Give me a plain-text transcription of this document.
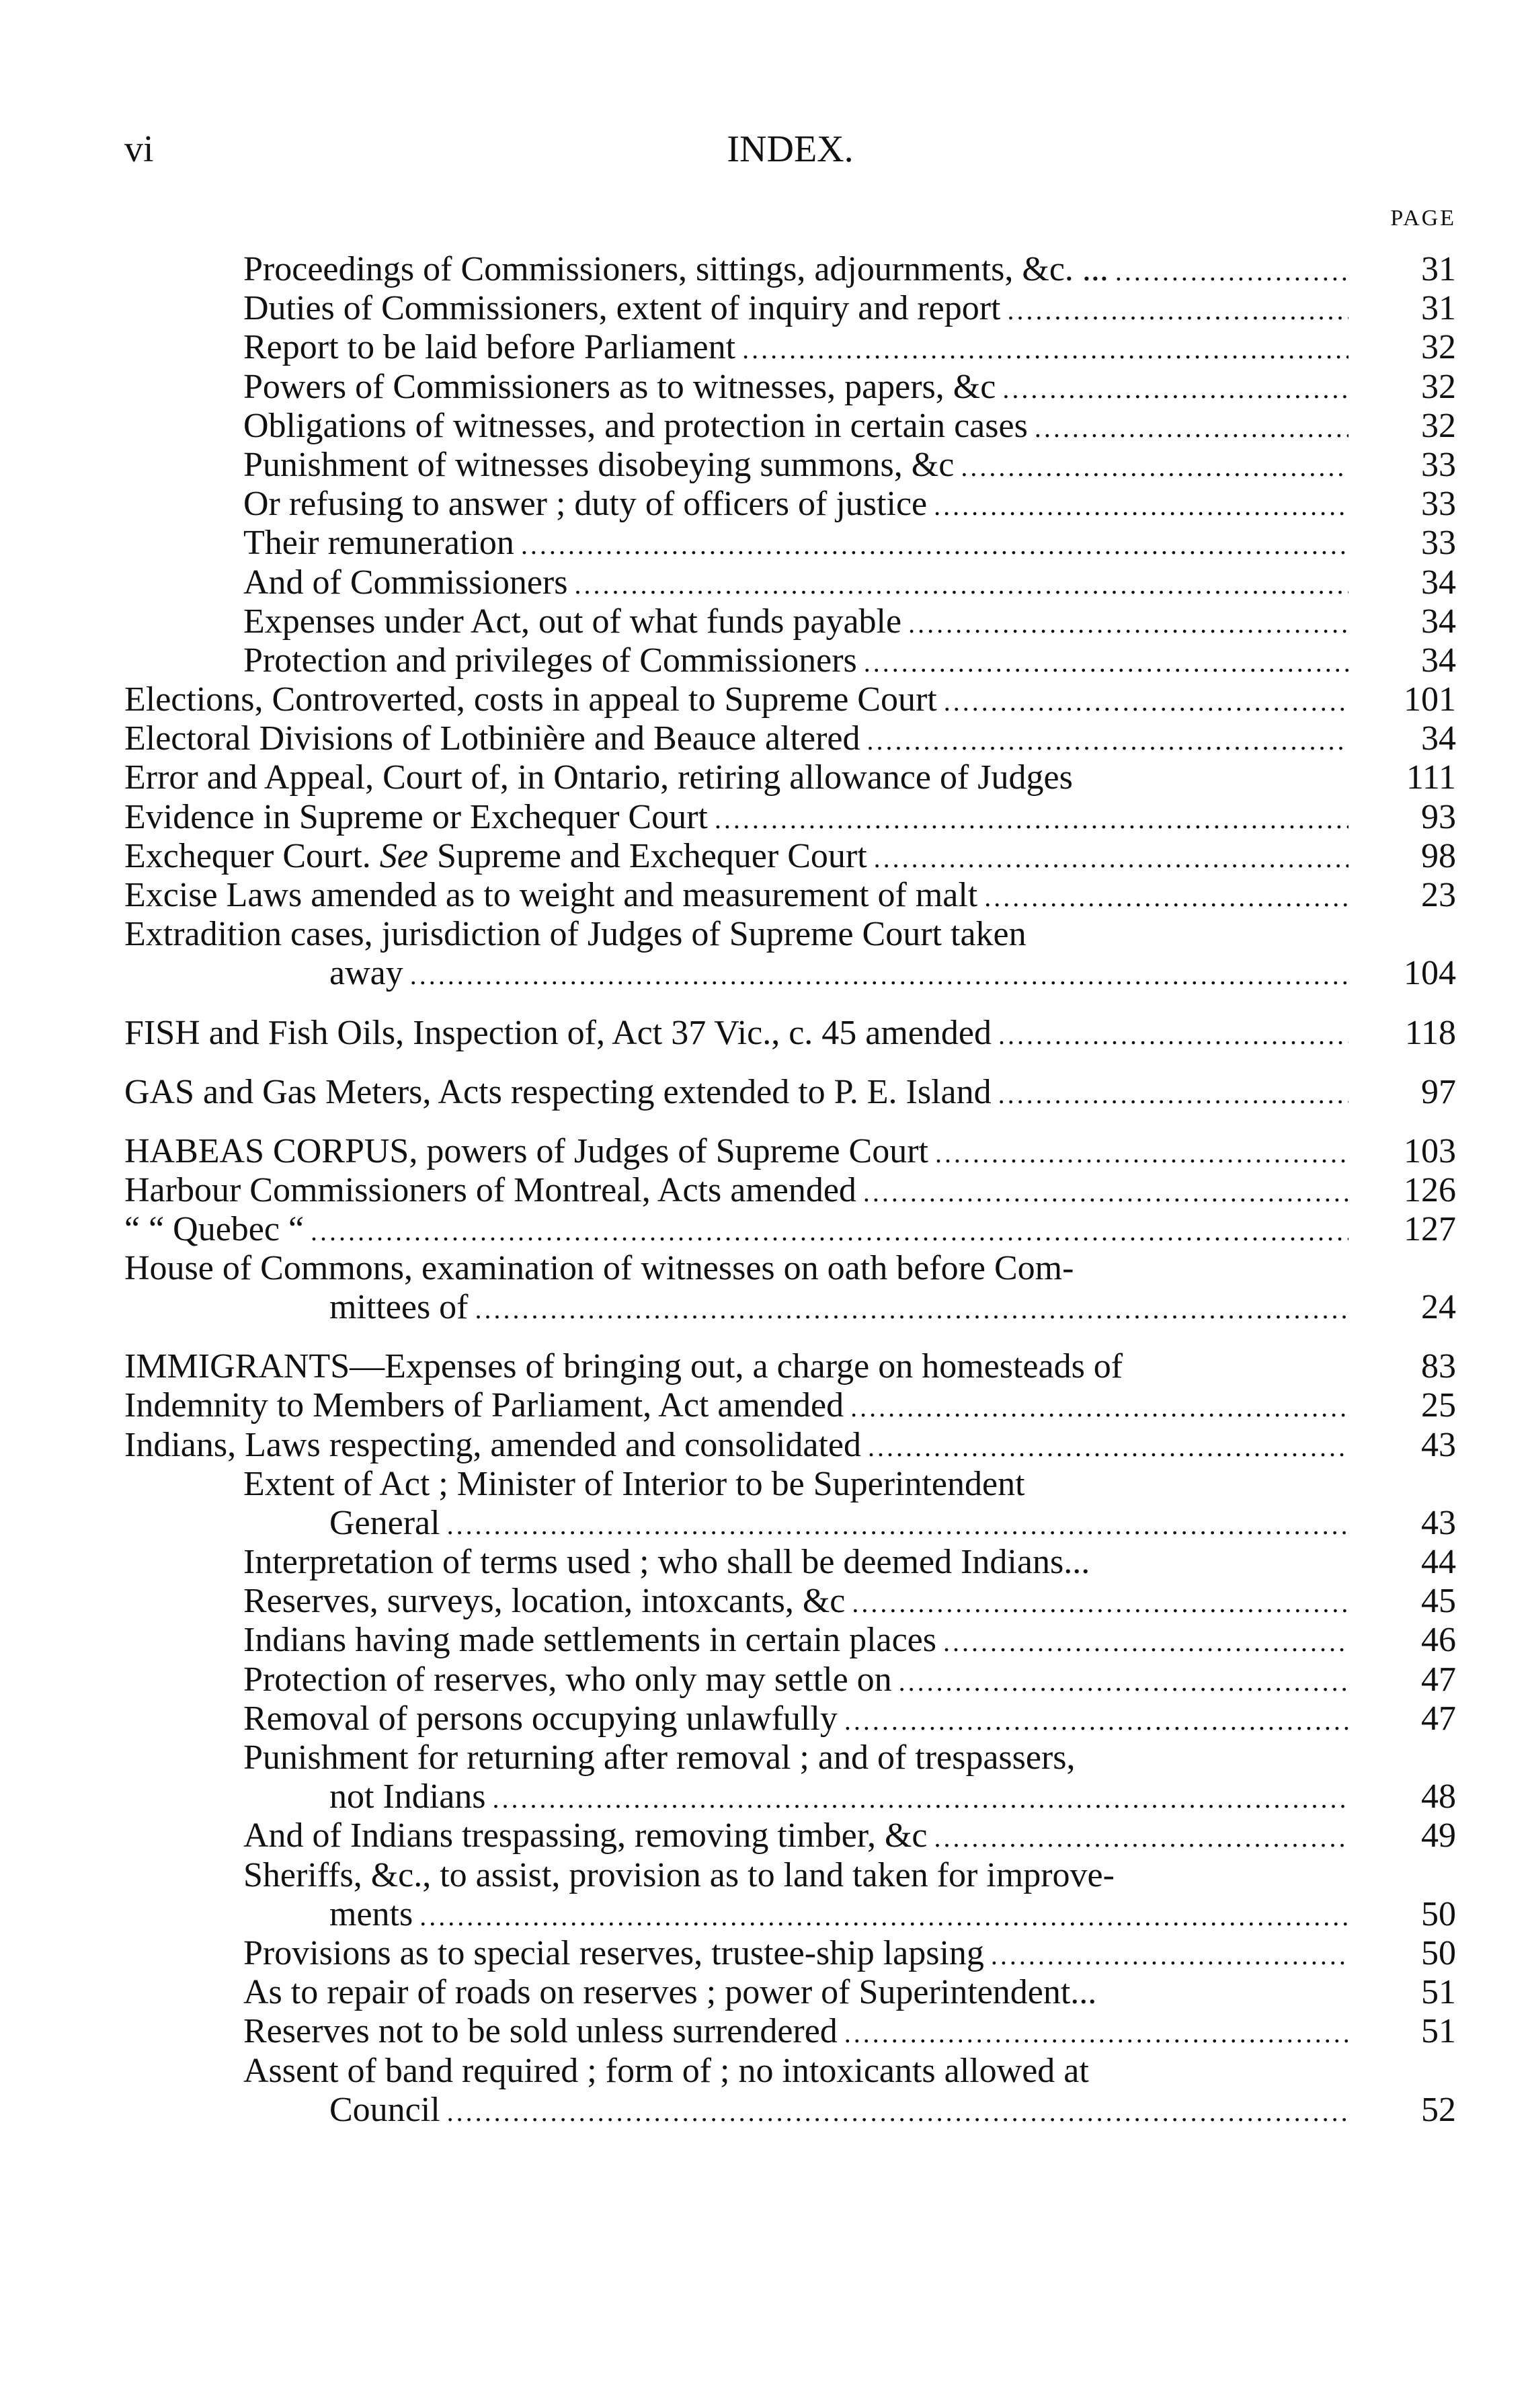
vi	INDEX.
PAGE
Proceedings of Commissioners, sittings, adjournments, &c. ... .....	31
Duties of Commissioners, extent of inquiry and report .....	31
Report to be laid before Parliament .....	32
Powers of Commissioners as to witnesses, papers, &c .....	32
Obligations of witnesses, and protection in certain cases .....	32
Punishment of witnesses disobeying summons, &c .....	33
Or refusing to answer ; duty of officers of justice .....	33
Their remuneration .....	33
And of Commissioners .....	34
Expenses under Act, out of what funds payable .....	34
Protection and privileges of Commissioners .....	34
Elections, Controverted, costs in appeal to Supreme Court .....	101
Electoral Divisions of Lotbinière and Beauce altered .....	34
Error and Appeal, Court of, in Ontario, retiring allowance of Judges	111
Evidence in Supreme or Exchequer Court .....	93
Exchequer Court. See Supreme and Exchequer Court .....	98
Excise Laws amended as to weight and measurement of malt .....	23
Extradition cases, jurisdiction of Judges of Supreme Court taken
away .....	104
FISH and Fish Oils, Inspection of, Act 37 Vic., c. 45 amended .....	118
GAS and Gas Meters, Acts respecting extended to P. E. Island .....	97
HABEAS CORPUS, powers of Judges of Supreme Court .....	103
Harbour Commissioners of Montreal, Acts amended .....	126
“ “ Quebec “ .....	127
House of Commons, examination of witnesses on oath before Com-
mittees of .....	24
IMMIGRANTS—Expenses of bringing out, a charge on homesteads of	83
Indemnity to Members of Parliament, Act amended .....	25
Indians, Laws respecting, amended and consolidated .....	43
Extent of Act ; Minister of Interior to be Superintendent
General .....	43
Interpretation of terms used ; who shall be deemed Indians...	44
Reserves, surveys, location, intoxcants, &c .....	45
Indians having made settlements in certain places .....	46
Protection of reserves, who only may settle on .....	47
Removal of persons occupying unlawfully .....	47
Punishment for returning after removal ; and of trespassers,
not Indians .....	48
And of Indians trespassing, removing timber, &c .....	49
Sheriffs, &c., to assist, provision as to land taken for improve-
ments .....	50
Provisions as to special reserves, trustee-ship lapsing .....	50
As to repair of roads on reserves ; power of Superintendent...	51
Reserves not to be sold unless surrendered .....	51
Assent of band required ; form of ; no intoxicants allowed at
Council .....	52
